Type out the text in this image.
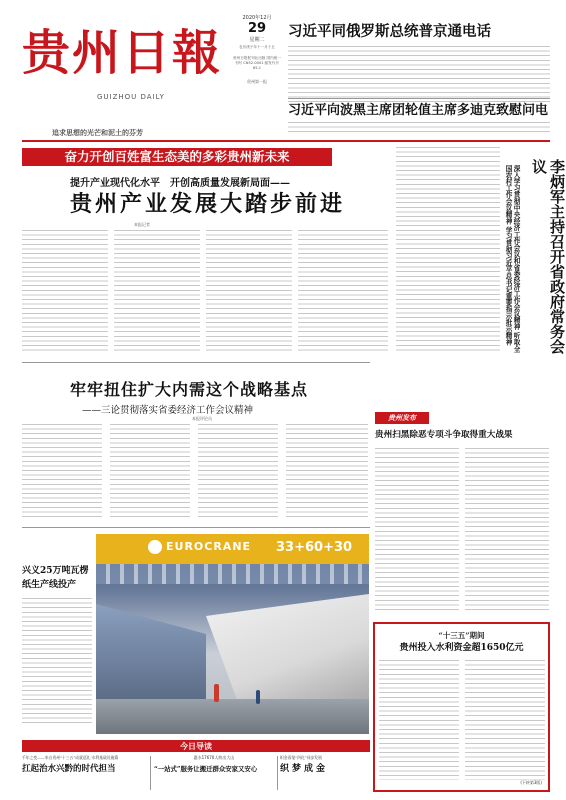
贵州日報
GUIZHOU DAILY
追求思想的光芒和泥土的芬芳
2020年12月
29
星期二
农历庚子年十一月十五
贵州日报报刊社出版 国内统一刊号 CN52-0001 邮发代号 65-1
贵州第一报
习近平同俄罗斯总统普京通电话
习近平向波黑主席团轮值主席多迪克致慰问电
奋力开创百姓富生态美的多彩贵州新未来
提升产业现代化水平　开创高质量发展新局面——
贵州产业发展大踏步前进
本报记者	深入学习贯彻中央经济工作会议和省委经济工作会议精神 听取全国农村工作会议精神 学习贯彻习近平总书记重要指示批示精神	李炳军主持召开省政府常务会议
牢牢扭住扩大内需这个战略基点
——三论贯彻落实省委经济工作会议精神
本报评论员	贵州发布
贵州扫黑除恶专项斗争取得重大战果
兴义25万吨瓦楞纸生产线投产
EUROCRANE 33+60+30
“十三五”期间
贵州投入水利资金超1650亿元
(下转第3版)
今日导读
千年之变——来自贵州“十三五”成就巡礼·水利基础设施篇
扛起治水兴黔的时代担当
惠水17670人跨出大山
“一站式”服务让搬迁群众安家又安心
织金看笔“四化”同步发展
织梦成金
